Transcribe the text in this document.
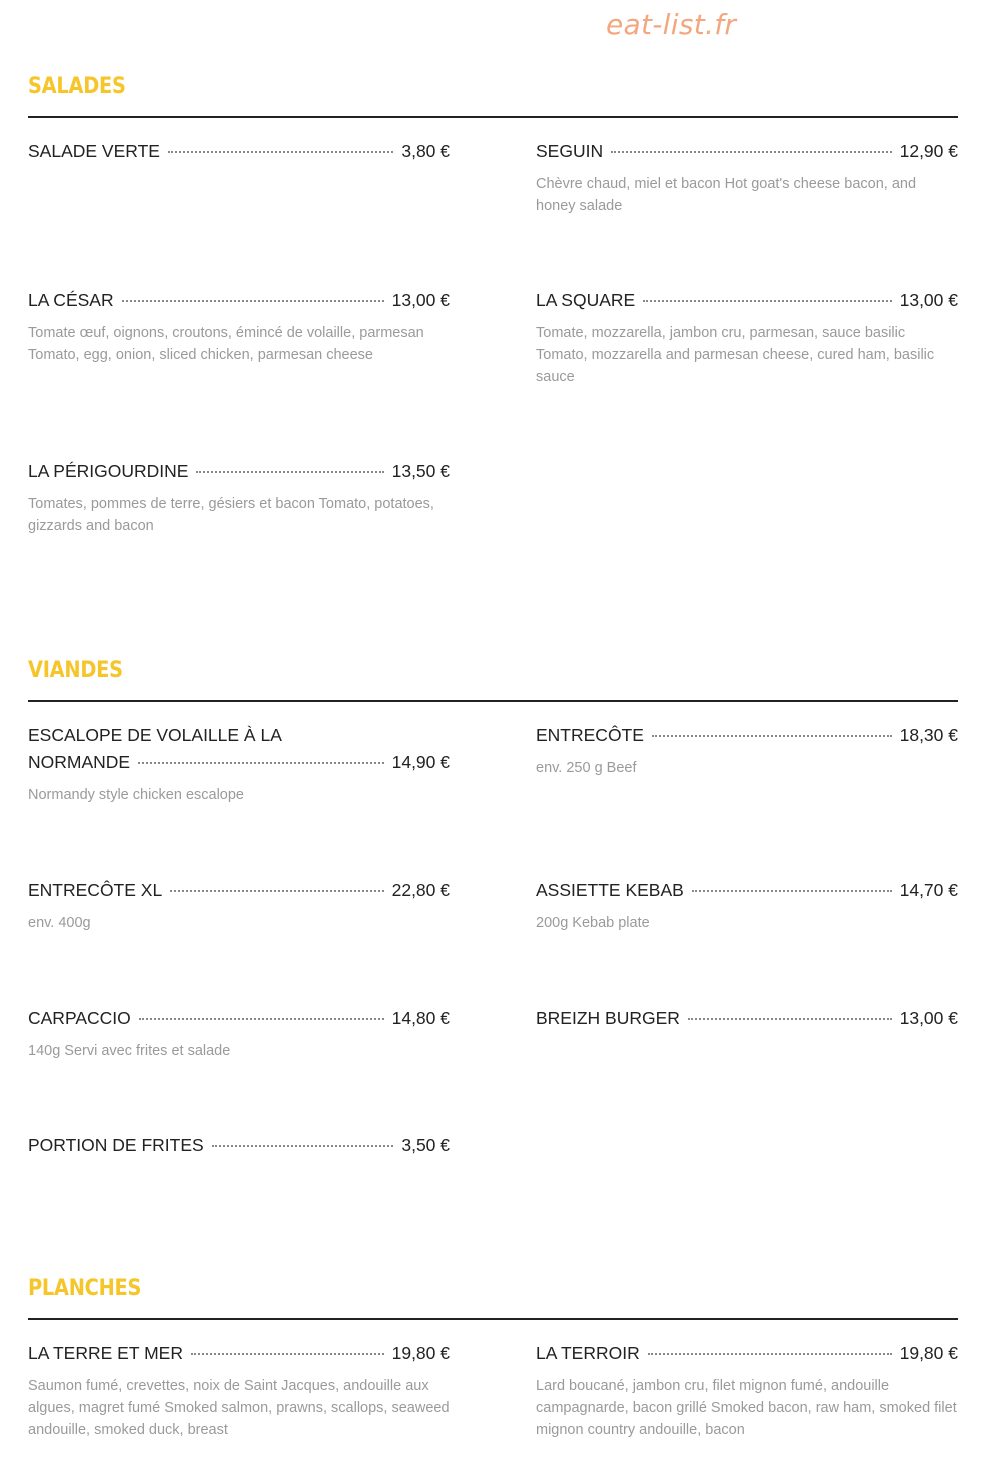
eat-list.fr
SALADES
SALADE VERTE	3,80 €	SEGUIN	12,90 €
Chèvre chaud, miel et bacon Hot goat's cheese bacon, and honey salade
LA CÉSAR	13,00 €
Tomate œuf, oignons, croutons, émincé de volaille, parmesan Tomato, egg, onion, sliced chicken, parmesan cheese
LA SQUARE	13,00 €
Tomate, mozzarella, jambon cru, parmesan, sauce basilic Tomato, mozzarella and parmesan cheese, cured ham, basilic sauce
LA PÉRIGOURDINE	13,50 €
Tomates, pommes de terre, gésiers et bacon Tomato, potatoes, gizzards and bacon
VIANDES
ESCALOPE DE VOLAILLE À LA
NORMANDE	14,90 €
Normandy style chicken escalope
ENTRECÔTE	18,30 €
env. 250 g Beef
ENTRECÔTE XL	22,80 €
env. 400g
ASSIETTE KEBAB	14,70 €
200g Kebab plate
CARPACCIO	14,80 €
140g Servi avec frites et salade
BREIZH BURGER	13,00 €
PORTION DE FRITES	3,50 €
PLANCHES
LA TERRE ET MER	19,80 €
Saumon fumé, crevettes, noix de Saint Jacques, andouille aux algues, magret fumé Smoked salmon, prawns, scallops, seaweed andouille, smoked duck, breast
LA TERROIR	19,80 €
Lard boucané, jambon cru, filet mignon fumé, andouille campagnarde, bacon grillé Smoked bacon, raw ham, smoked filet mignon country andouille, bacon
